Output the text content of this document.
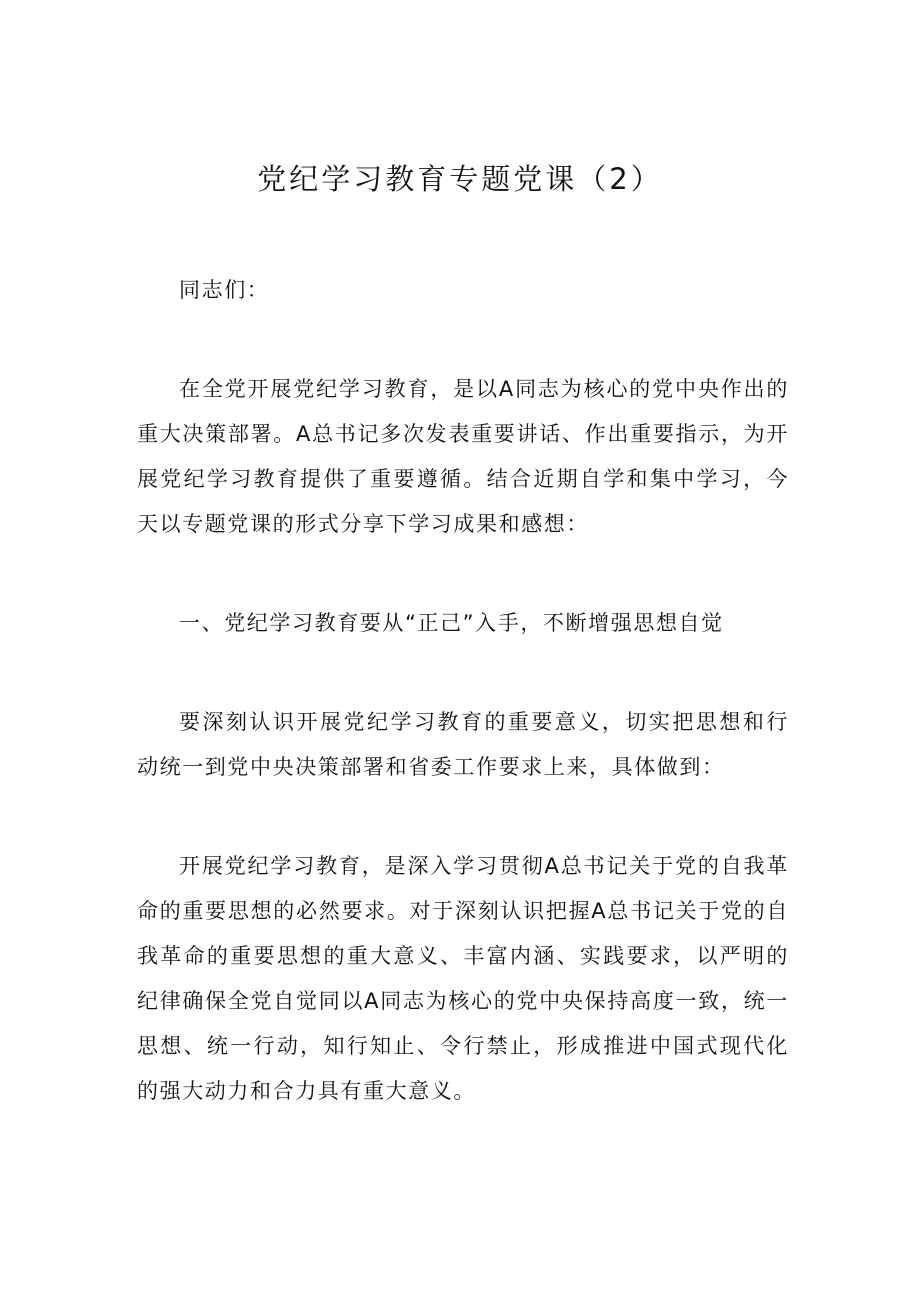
党纪学习教育专题党课（2）

同志们：

在全党开展党纪学习教育，是以A同志为核心的党中央作出的重大决策部署。A总书记多次发表重要讲话、作出重要指示，为开展党纪学习教育提供了重要遵循。结合近期自学和集中学习，今天以专题党课的形式分享下学习成果和感想：

一、党纪学习教育要从“正己”入手，不断增强思想自觉

要深刻认识开展党纪学习教育的重要意义，切实把思想和行动统一到党中央决策部署和省委工作要求上来，具体做到：

开展党纪学习教育，是深入学习贯彻A总书记关于党的自我革命的重要思想的必然要求。对于深刻认识把握A总书记关于党的自我革命的重要思想的重大意义、丰富内涵、实践要求，以严明的纪律确保全党自觉同以A同志为核心的党中央保持高度一致，统一思想、统一行动，知行知止、令行禁止，形成推进中国式现代化的强大动力和合力具有重大意义。
